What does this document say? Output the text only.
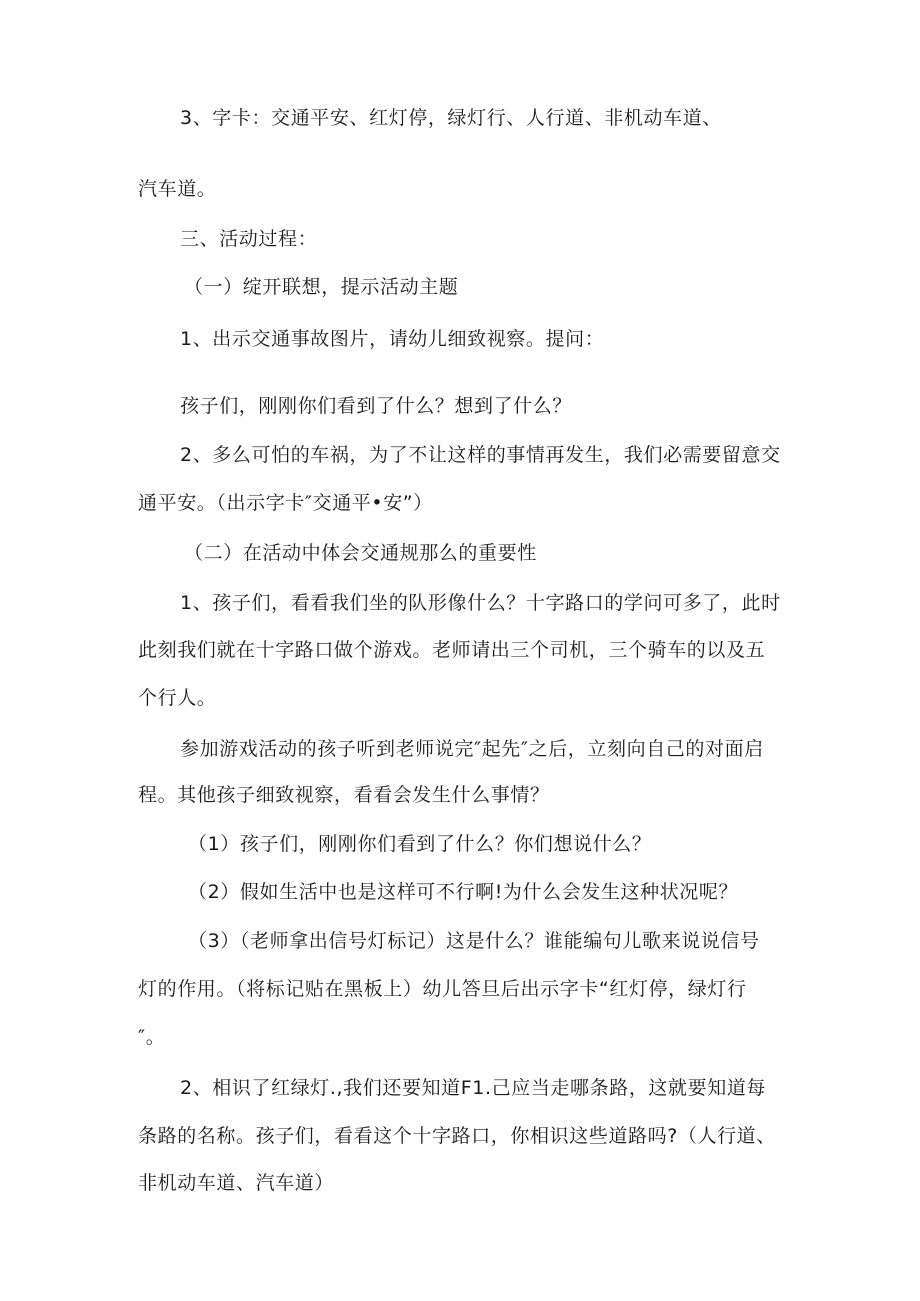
3、字卡：交通平安、红灯停，绿灯行、人行道、非机动车道、
汽车道。
三、活动过程：
（一）绽开联想，提示活动主题
1、出示交通事故图片，请幼儿细致视察。提问：
孩子们，刚刚你们看到了什么？想到了什么？
2、多么可怕的车祸，为了不让这样的事情再发生，我们必需要留意交
通平安。（出示字卡″交通平•安”）
（二）在活动中体会交通规那么的重要性
1、孩子们，看看我们坐的队形像什么？十字路口的学问可多了，此时
此刻我们就在十字路口做个游戏。老师请出三个司机，三个骑车的以及五
个行人。
参加游戏活动的孩子听到老师说完″起先″之后，立刻向自己的对面启
程。其他孩子细致视察，看看会发生什么事情？
（1）孩子们，刚刚你们看到了什么？你们想说什么？
（2）假如生活中也是这样可不行啊!为什么会发生这种状况呢？
（3）（老师拿出信号灯标记）这是什么？谁能编句儿歌来说说信号
灯的作用。（将标记贴在黑板上）幼儿答旦后出示字卡“红灯停，绿灯行
″。
2、相识了红绿灯.,我们还要知道F1.己应当走哪条路，这就要知道每
条路的名称。孩子们，看看这个十字路口，你相识这些道路吗?（人行道、
非机动车道、汽车道）
